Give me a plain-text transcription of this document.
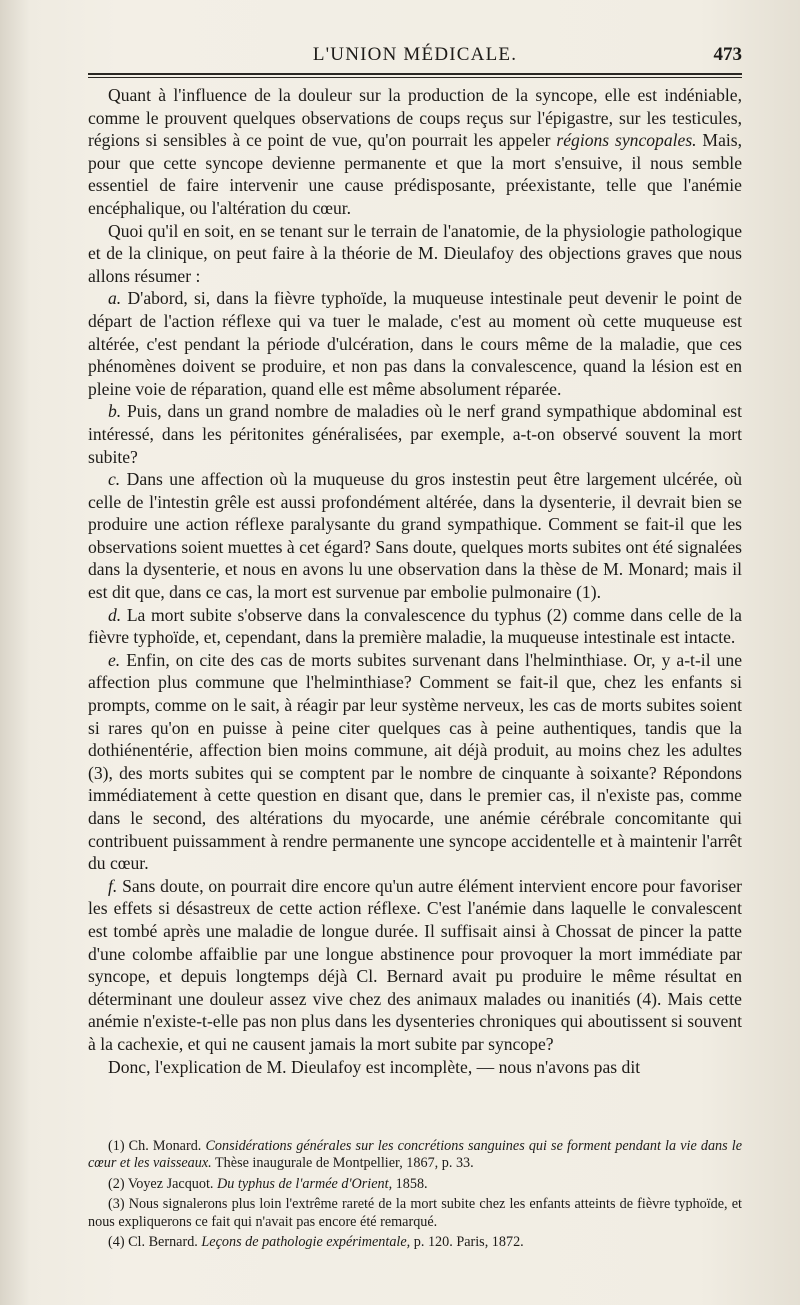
L'UNION MÉDICALE.	473

Quant à l'influence de la douleur sur la production de la syncope, elle est indéniable, comme le prouvent quelques observations de coups reçus sur l'épigastre, sur les testicules, régions si sensibles à ce point de vue, qu'on pourrait les appeler régions syncopales. Mais, pour que cette syncope devienne permanente et que la mort s'ensuive, il nous semble essentiel de faire intervenir une cause prédisposante, préexistante, telle que l'anémie encéphalique, ou l'altération du cœur.

Quoi qu'il en soit, en se tenant sur le terrain de l'anatomie, de la physiologie pathologique et de la clinique, on peut faire à la théorie de M. Dieulafoy des objections graves que nous allons résumer :

a. D'abord, si, dans la fièvre typhoïde, la muqueuse intestinale peut devenir le point de départ de l'action réflexe qui va tuer le malade, c'est au moment où cette muqueuse est altérée, c'est pendant la période d'ulcération, dans le cours même de la maladie, que ces phénomènes doivent se produire, et non pas dans la convalescence, quand la lésion est en pleine voie de réparation, quand elle est même absolument réparée.

b. Puis, dans un grand nombre de maladies où le nerf grand sympathique abdominal est intéressé, dans les péritonites généralisées, par exemple, a-t-on observé souvent la mort subite?

c. Dans une affection où la muqueuse du gros instestin peut être largement ulcérée, où celle de l'intestin grêle est aussi profondément altérée, dans la dysenterie, il devrait bien se produire une action réflexe paralysante du grand sympathique. Comment se fait-il que les observations soient muettes à cet égard? Sans doute, quelques morts subites ont été signalées dans la dysenterie, et nous en avons lu une observation dans la thèse de M. Monard; mais il est dit que, dans ce cas, la mort est survenue par embolie pulmonaire (1).

d. La mort subite s'observe dans la convalescence du typhus (2) comme dans celle de la fièvre typhoïde, et, cependant, dans la première maladie, la muqueuse intestinale est intacte.

e. Enfin, on cite des cas de morts subites survenant dans l'helminthiase. Or, y a-t-il une affection plus commune que l'helminthiase? Comment se fait-il que, chez les enfants si prompts, comme on le sait, à réagir par leur système nerveux, les cas de morts subites soient si rares qu'on en puisse à peine citer quelques cas à peine authentiques, tandis que la dothiénentérie, affection bien moins commune, ait déjà produit, au moins chez les adultes (3), des morts subites qui se comptent par le nombre de cinquante à soixante? Répondons immédiatement à cette question en disant que, dans le premier cas, il n'existe pas, comme dans le second, des altérations du myocarde, une anémie cérébrale concomitante qui contribuent puissamment à rendre permanente une syncope accidentelle et à maintenir l'arrêt du cœur.

f. Sans doute, on pourrait dire encore qu'un autre élément intervient encore pour favoriser les effets si désastreux de cette action réflexe. C'est l'anémie dans laquelle le convalescent est tombé après une maladie de longue durée. Il suffisait ainsi à Chossat de pincer la patte d'une colombe affaiblie par une longue abstinence pour provoquer la mort immédiate par syncope, et depuis longtemps déjà Cl. Bernard avait pu produire le même résultat en déterminant une douleur assez vive chez des animaux malades ou inanitiés (4). Mais cette anémie n'existe-t-elle pas non plus dans les dysenteries chroniques qui aboutissent si souvent à la cachexie, et qui ne causent jamais la mort subite par syncope?

Donc, l'explication de M. Dieulafoy est incomplète, — nous n'avons pas dit

(1) Ch. Monard. Considérations générales sur les concrétions sanguines qui se forment pendant la vie dans le cœur et les vaisseaux. Thèse inaugurale de Montpellier, 1867, p. 33.

(2) Voyez Jacquot. Du typhus de l'armée d'Orient, 1858.

(3) Nous signalerons plus loin l'extrême rareté de la mort subite chez les enfants atteints de fièvre typhoïde, et nous expliquerons ce fait qui n'avait pas encore été remarqué.

(4) Cl. Bernard. Leçons de pathologie expérimentale, p. 120. Paris, 1872.
